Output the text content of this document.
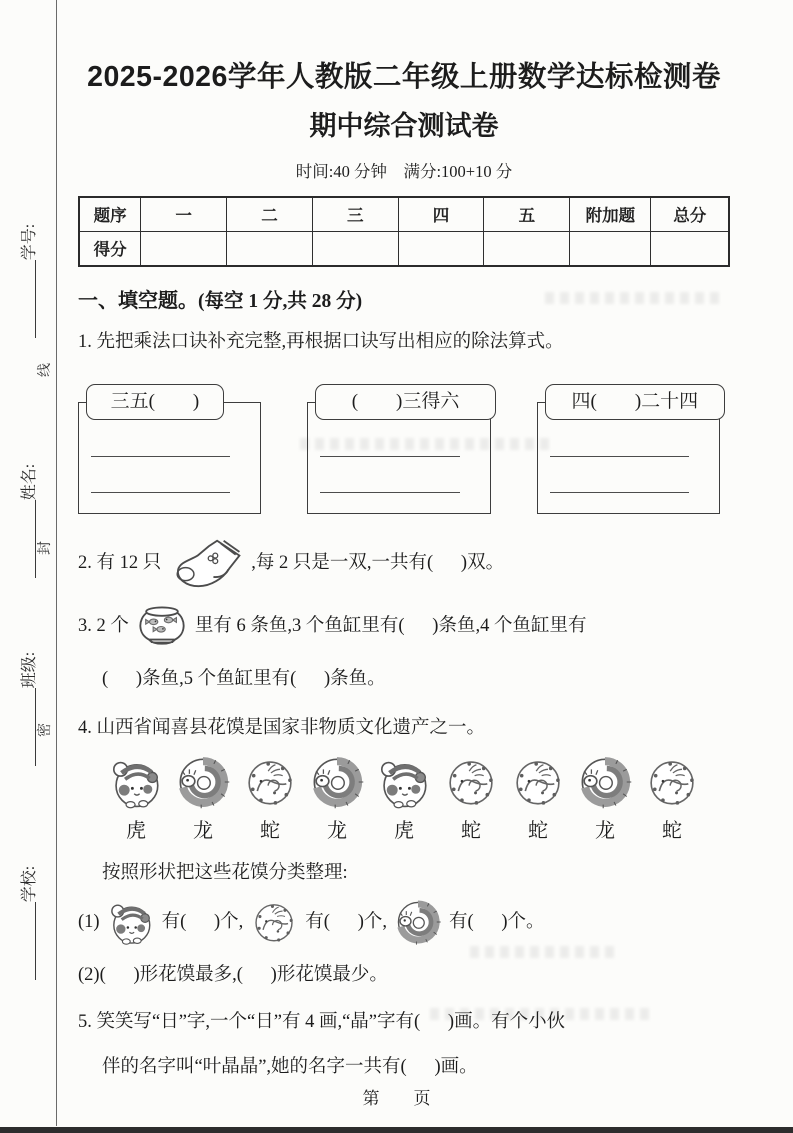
学号:
姓名:
班级:
学校:
线
封
密
2025-2026学年人教版二年级上册数学达标检测卷
期中综合测试卷
时间:40 分钟　满分:100+10 分
题序	一	二	三	四	五	附加题	总分
得分							
一、填空题。(每空 1 分,共 28 分)

1. 先把乘法口诀补充完整,再根据口诀写出相应的除法算式。

三五(        )	(        )三得六	四(        )二十四

2. 有 12 只	,每 2 只是一双,一共有(      )双。

3. 2 个	里有 6 条鱼,3 个鱼缸里有(      )条鱼,4 个鱼缸里有

(      )条鱼,5 个鱼缸里有(      )条鱼。

4. 山西省闻喜县花馍是国家非物质文化遗产之一。

虎	龙	蛇	龙	虎	蛇	蛇	龙	蛇

按照形状把这些花馍分类整理:

(1)	有(      )个,	有(      )个,	有(      )个。

(2)(      )形花馍最多,(      )形花馍最少。

5. 笑笑写“日”字,一个“日”有 4 画,“晶”字有(      )画。有个小伙

伴的名字叫“叶晶晶”,她的名字一共有(      )画。

第　　页
